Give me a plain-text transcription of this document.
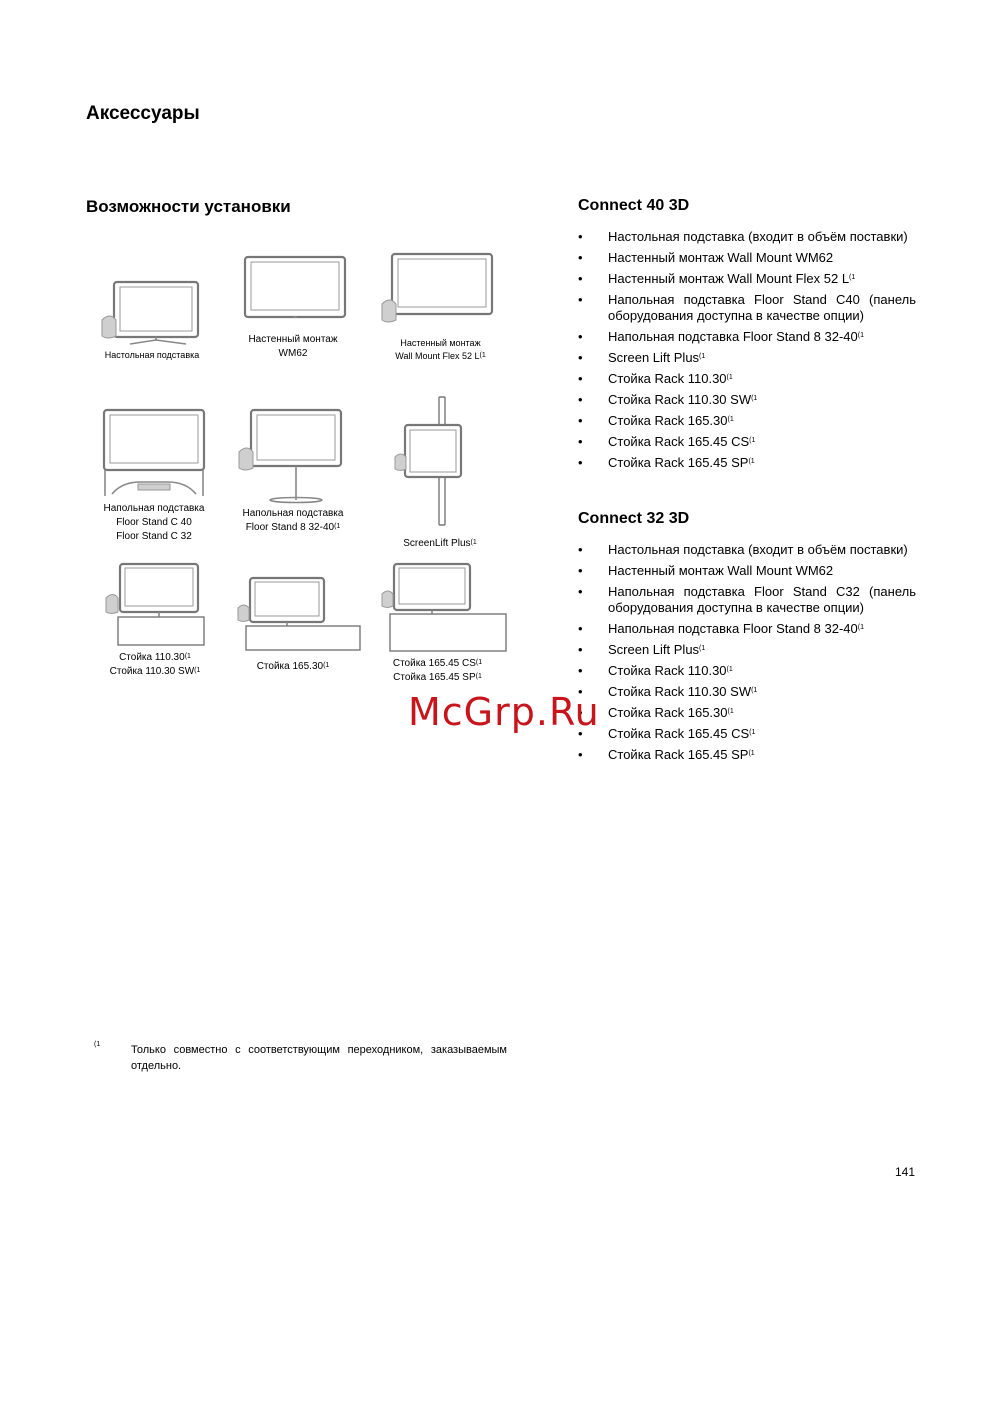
Аксессуары
Возможности установки
Настольная подставка
Настенный монтаж
WM62
Настенный монтаж
Wall Mount Flex 52 $L^{(1}$
Напольная подставка
Floor Stand C 40
Floor Stand C 32
Напольная подставка
Floor Stand 8 32-40$^{(1}$
ScreenLift Plus$^{(1}$
Стойка 110.30$^{(1}$
Стойка 110.30 SW$^{(1}$	Стойка 165.30$^{(1}$	Стойка 165.45 CS$^{(1}$
Стойка 165.45 SP$^{(1}$
Connect 40 3D
• Настольная подставка (входит в объём поставки)
• Настенный монтаж Wall Mount WM62
• Настенный монтаж Wall Mount Flex 52 $L^{(1}$
• Напольная подставка Floor Stand C40 (панель оборудования доступна в качестве опции)
• Напольная подставка Floor Stand 8 32-40$^{(1}$
• Screen Lift Plus$^{(1}$
• Стойка Rack 110.30$^{(1}$
• Стойка Rack 110.30 SW$^{(1}$
• Стойка Rack 165.30$^{(1}$
• Стойка Rack 165.45 CS$^{(1}$
• Стойка Rack 165.45 SP$^{(1}$
Connect 32 3D
• Настольная подставка (входит в объём поставки)
• Настенный монтаж Wall Mount WM62
• Напольная подставка Floor Stand C32 (панель оборудования доступна в качестве опции)
• Напольная подставка Floor Stand 8 32-40$^{(1}$
• Screen Lift Plus$^{(1}$
• Стойка Rack 110.30$^{(1}$
• Стойка Rack 110.30 SW$^{(1}$
• Стойка Rack 165.30$^{(1}$
• Стойка Rack 165.45 CS$^{(1}$
• Стойка Rack 165.45 SP$^{(1}$
(1	Только совместно с соответствующим переходником, заказываемым отдельно.
141
McGrp.Ru
